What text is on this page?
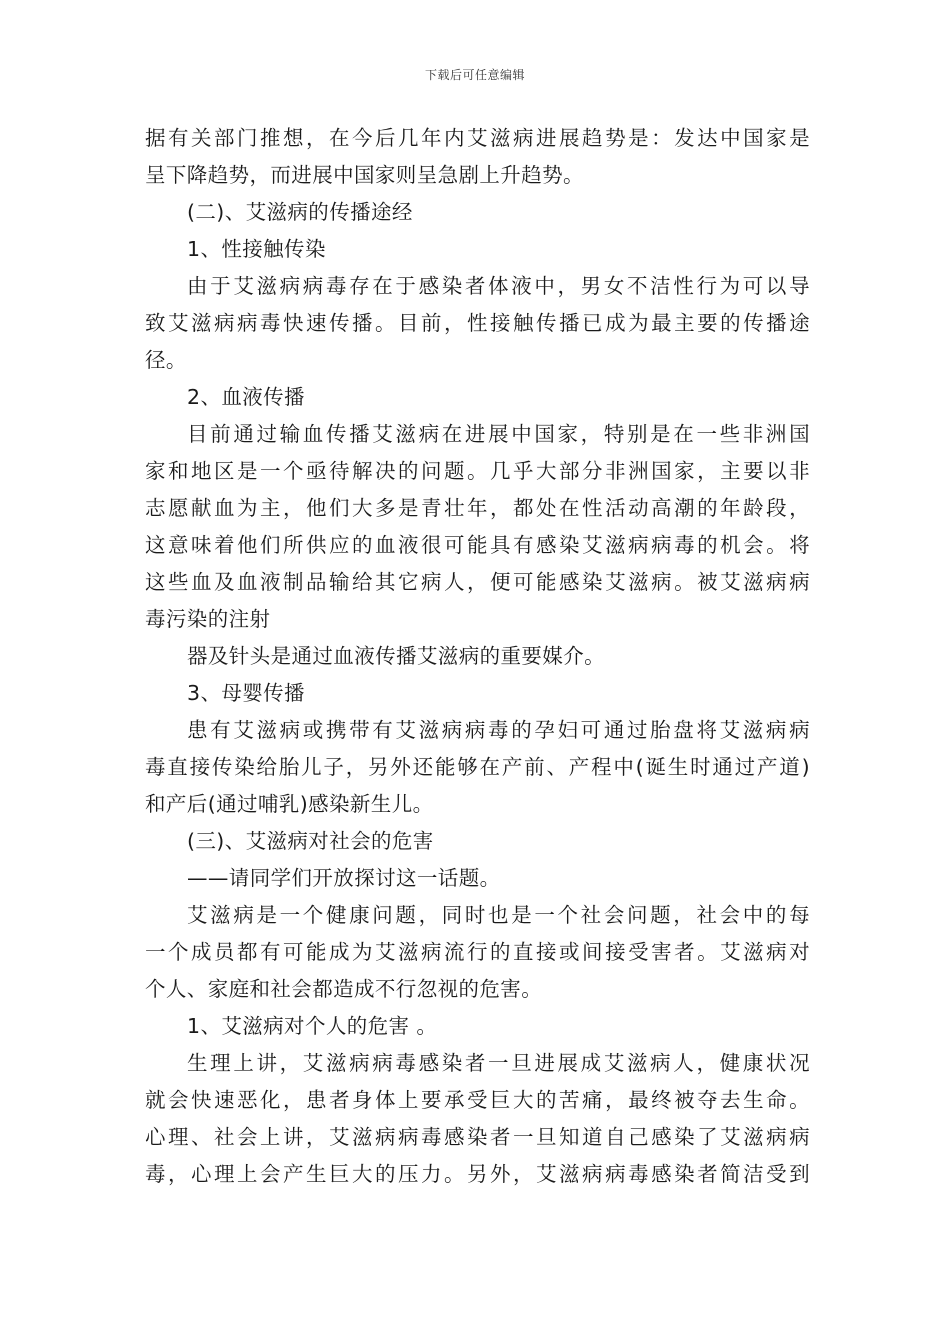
下载后可任意编辑
据有关部门推想，在今后几年内艾滋病进展趋势是：发达中国家是
呈下降趋势，而进展中国家则呈急剧上升趋势。
(二)、艾滋病的传播途经
1、性接触传染
由于艾滋病病毒存在于感染者体液中，男女不洁性行为可以导
致艾滋病病毒快速传播。目前，性接触传播已成为最主要的传播途
径。
2、血液传播
目前通过输血传播艾滋病在进展中国家，特别是在一些非洲国
家和地区是一个亟待解决的问题。几乎大部分非洲国家，主要以非
志愿献血为主，他们大多是青壮年，都处在性活动高潮的年龄段，
这意味着他们所供应的血液很可能具有感染艾滋病病毒的机会。将
这些血及血液制品输给其它病人，便可能感染艾滋病。被艾滋病病
毒污染的注射
器及针头是通过血液传播艾滋病的重要媒介。
3、母婴传播
患有艾滋病或携带有艾滋病病毒的孕妇可通过胎盘将艾滋病病
毒直接传染给胎儿子，另外还能够在产前、产程中(诞生时通过产道)
和产后(通过哺乳)感染新生儿。
(三)、艾滋病对社会的危害
——请同学们开放探讨这一话题。
艾滋病是一个健康问题，同时也是一个社会问题，社会中的每
一个成员都有可能成为艾滋病流行的直接或间接受害者。艾滋病对
个人、家庭和社会都造成不行忽视的危害。
1、艾滋病对个人的危害 。
生理上讲，艾滋病病毒感染者一旦进展成艾滋病人，健康状况
就会快速恶化，患者身体上要承受巨大的苦痛，最终被夺去生命。
心理、社会上讲，艾滋病病毒感染者一旦知道自己感染了艾滋病病
毒，心理上会产生巨大的压力。另外，艾滋病病毒感染者简洁受到
